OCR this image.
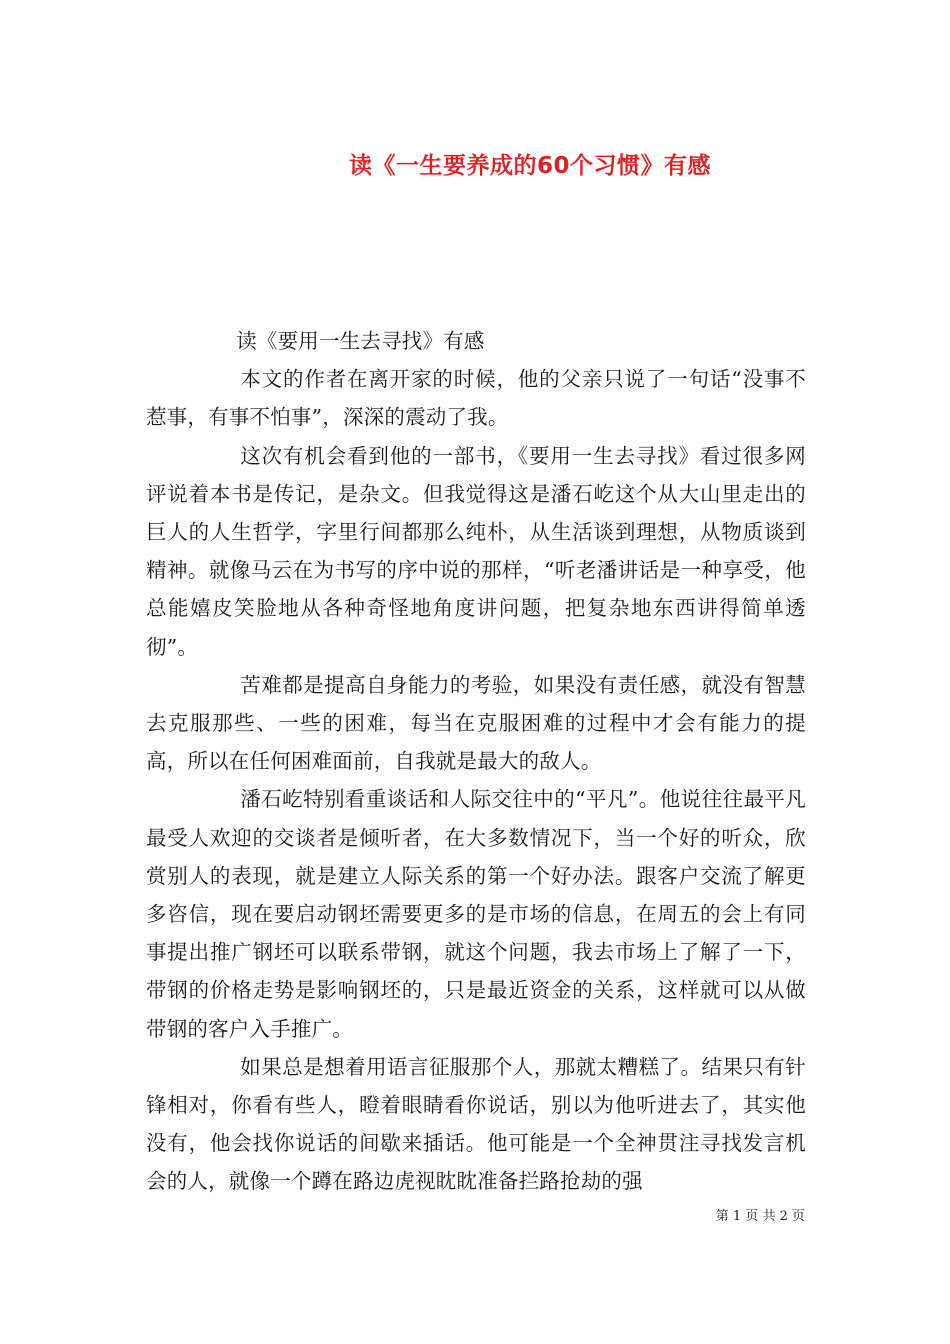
读《一生要养成的60个习惯》有感

读《要用一生去寻找》有感

本文的作者在离开家的时候，他的父亲只说了一句话“没事不惹事，有事不怕事”，深深的震动了我。

这次有机会看到他的一部书，《要用一生去寻找》看过很多网评说着本书是传记，是杂文。但我觉得这是潘石屹这个从大山里走出的巨人的人生哲学，字里行间都那么纯朴，从生活谈到理想，从物质谈到精神。就像马云在为书写的序中说的那样，“听老潘讲话是一种享受，他总能嬉皮笑脸地从各种奇怪地角度讲问题，把复杂地东西讲得简单透彻”。

苦难都是提高自身能力的考验，如果没有责任感，就没有智慧去克服那些、一些的困难，每当在克服困难的过程中才会有能力的提高，所以在任何困难面前，自我就是最大的敌人。

潘石屹特别看重谈话和人际交往中的“平凡”。他说往往最平凡最受人欢迎的交谈者是倾听者，在大多数情况下，当一个好的听众，欣赏别人的表现，就是建立人际关系的第一个好办法。跟客户交流了解更多咨信，现在要启动钢坯需要更多的是市场的信息，在周五的会上有同事提出推广钢坯可以联系带钢，就这个问题，我去市场上了解了一下，带钢的价格走势是影响钢坯的，只是最近资金的关系，这样就可以从做带钢的客户入手推广。

如果总是想着用语言征服那个人，那就太糟糕了。结果只有针锋相对，你看有些人，瞪着眼睛看你说话，别以为他听进去了，其实他没有，他会找你说话的间歇来插话。他可能是一个全神贯注寻找发言机会的人，就像一个蹲在路边虎视眈眈准备拦路抢劫的强

第 1 页 共 2 页
